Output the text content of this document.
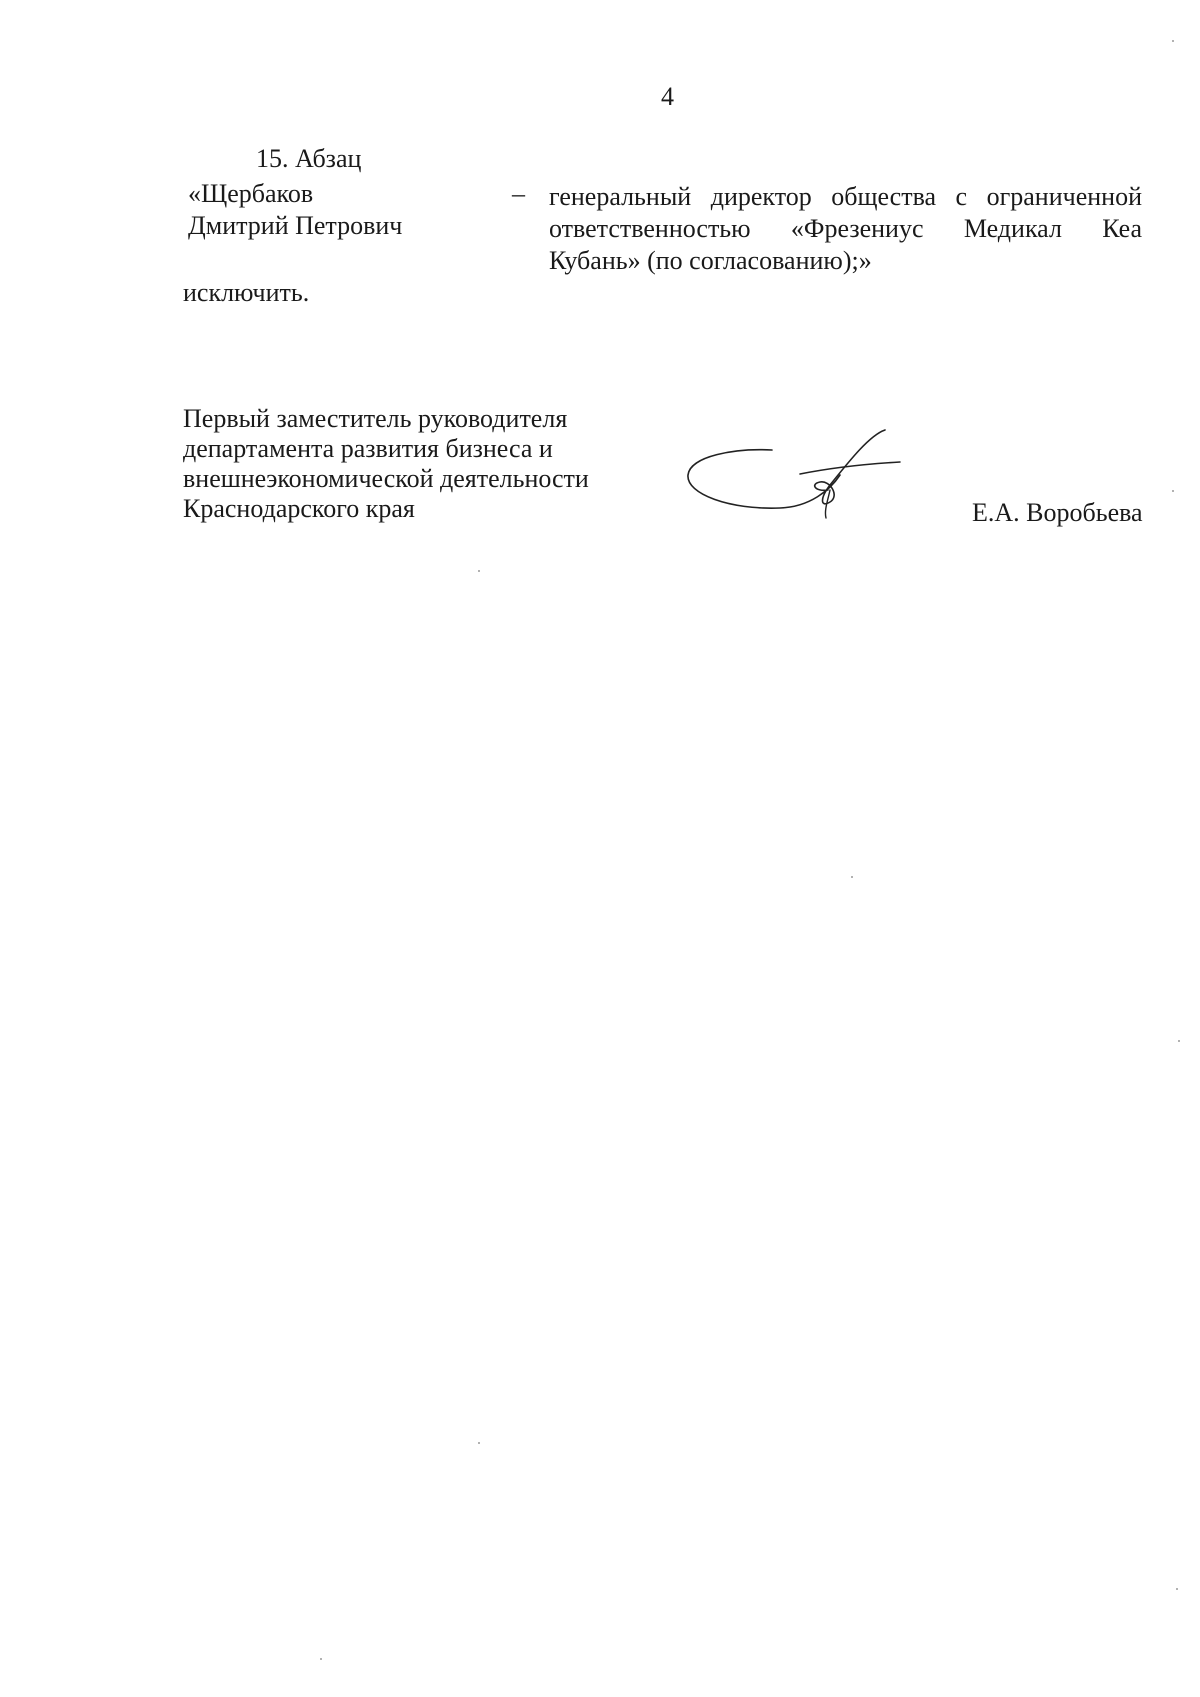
4
15. Абзац
«Щербаков
Дмитрий Петрович
– генеральный директор общества с ограниченной
ответственностью «Фрезениус Медикал Кеа
Кубань» (по согласованию);»
исключить.
Первый заместитель руководителя
департамента развития бизнеса и
внешнеэкономической деятельности
Краснодарского края	Е.А. Воробьева
